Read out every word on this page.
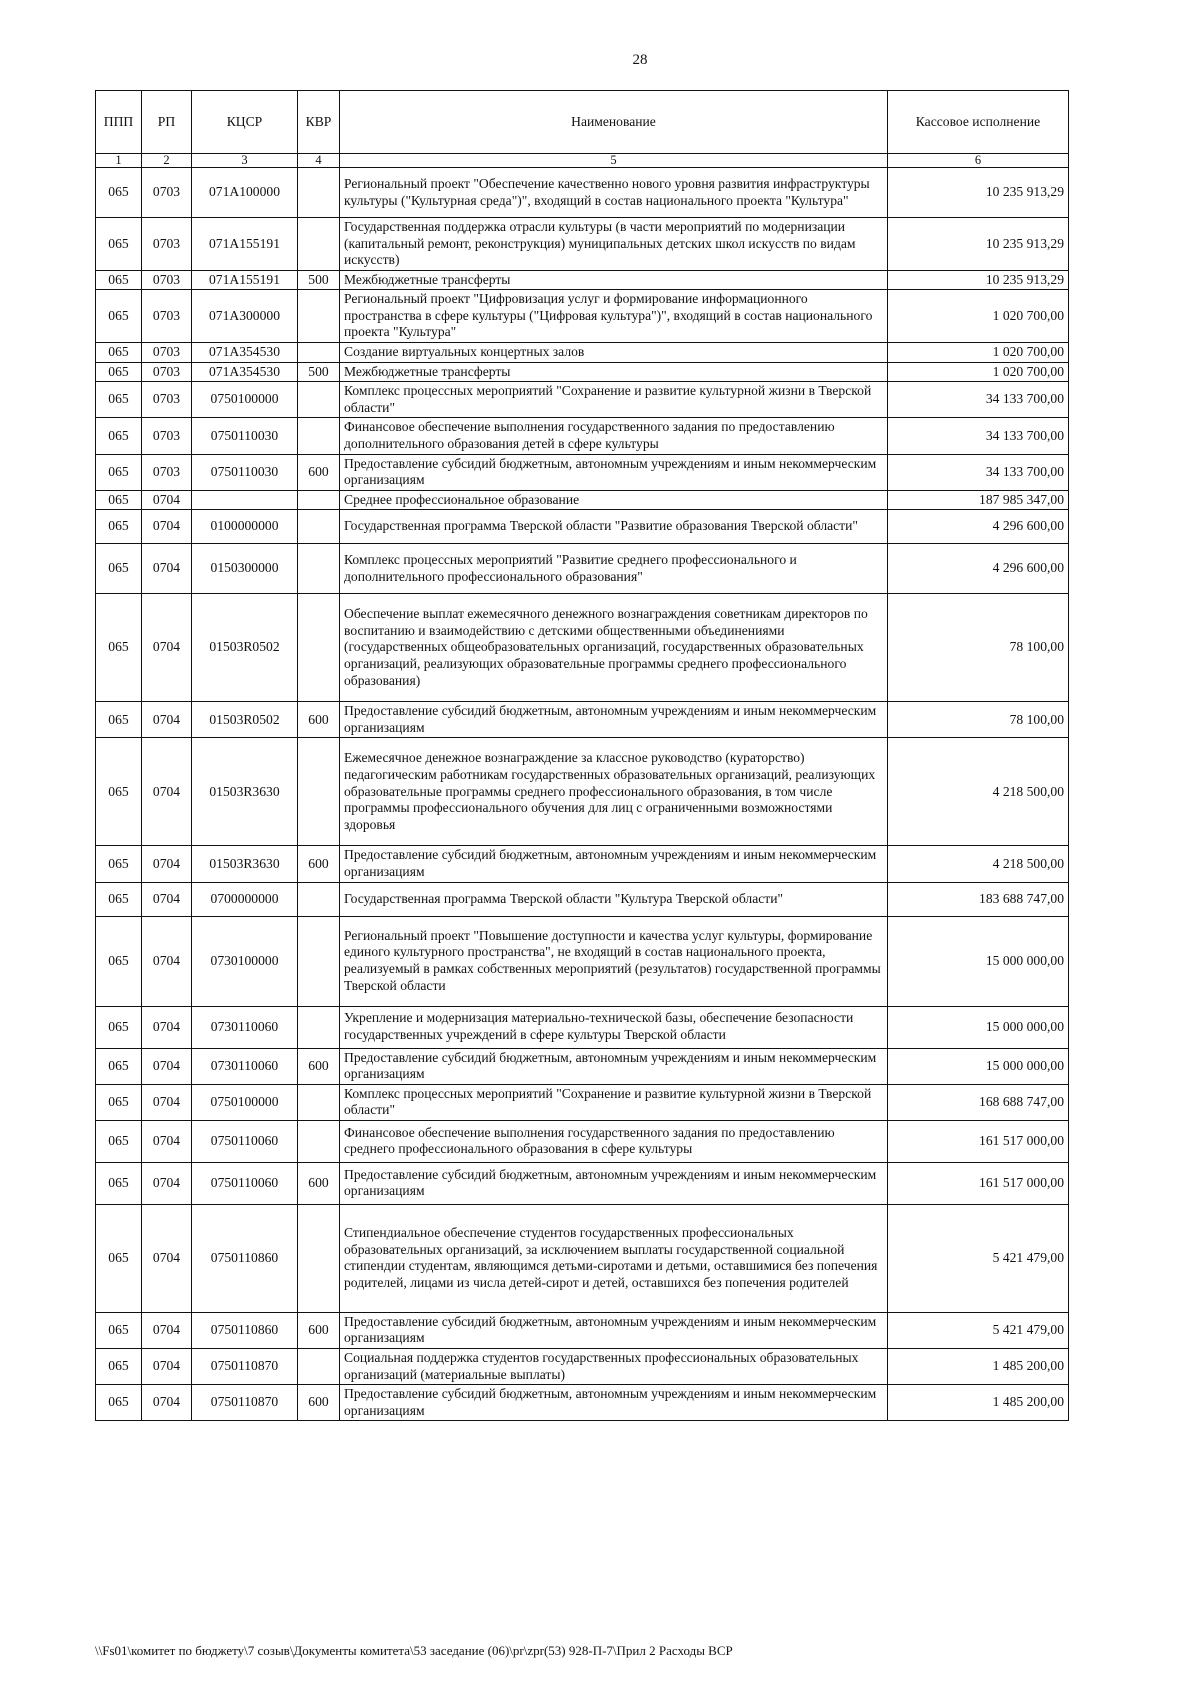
28
ППП	РП	КЦСР	КВР	Наименование	Кассовое исполнение
1	2	3	4	5	6
065	0703	071A100000		Региональный проект "Обеспечение качественно нового уровня развития инфраструктуры культуры ("Культурная среда")", входящий в состав национального проекта "Культура"	10 235 913,29
065	0703	071A155191		Государственная поддержка отрасли культуры (в части мероприятий по модернизации (капитальный ремонт, реконструкция) муниципальных детских школ искусств по видам искусств)	10 235 913,29
065	0703	071A155191	500	Межбюджетные трансферты	10 235 913,29
065	0703	071A300000		Региональный проект "Цифровизация услуг и формирование информационного пространства в сфере культуры ("Цифровая культура")", входящий в состав национального проекта "Культура"	1 020 700,00
065	0703	071A354530		Создание виртуальных концертных залов	1 020 700,00
065	0703	071A354530	500	Межбюджетные трансферты	1 020 700,00
065	0703	0750100000		Комплекс процессных мероприятий "Сохранение и развитие культурной жизни в Тверской области"	34 133 700,00
065	0703	0750110030		Финансовое обеспечение выполнения государственного задания по предоставлению дополнительного образования детей в сфере культуры	34 133 700,00
065	0703	0750110030	600	Предоставление субсидий бюджетным, автономным учреждениям и иным некоммерческим организациям	34 133 700,00
065	0704			Среднее профессиональное образование	187 985 347,00
065	0704	0100000000		Государственная программа Тверской области "Развитие образования Тверской области"	4 296 600,00
065	0704	0150300000		Комплекс процессных мероприятий "Развитие среднего профессионального и дополнительного профессионального образования"	4 296 600,00
065	0704	01503R0502		Обеспечение выплат ежемесячного денежного вознаграждения советникам директоров по воспитанию и взаимодействию с детскими общественными объединениями (государственных общеобразовательных организаций, государственных образовательных организаций, реализующих образовательные программы среднего профессионального образования)	78 100,00
065	0704	01503R0502	600	Предоставление субсидий бюджетным, автономным учреждениям и иным некоммерческим организациям	78 100,00
065	0704	01503R3630		Ежемесячное денежное вознаграждение за классное руководство (кураторство) педагогическим работникам государственных образовательных организаций, реализующих образовательные программы среднего профессионального образования, в том числе программы профессионального обучения для лиц с ограниченными возможностями здоровья	4 218 500,00
065	0704	01503R3630	600	Предоставление субсидий бюджетным, автономным учреждениям и иным некоммерческим организациям	4 218 500,00
065	0704	0700000000		Государственная программа Тверской области "Культура Тверской области"	183 688 747,00
065	0704	0730100000		Региональный проект "Повышение доступности и качества услуг культуры, формирование единого культурного пространства", не входящий в состав национального проекта, реализуемый в рамках собственных мероприятий (результатов) государственной программы Тверской области	15 000 000,00
065	0704	0730110060		Укрепление и модернизация материально-технической базы, обеспечение безопасности государственных учреждений в сфере культуры Тверской области	15 000 000,00
065	0704	0730110060	600	Предоставление субсидий бюджетным, автономным учреждениям и иным некоммерческим организациям	15 000 000,00
065	0704	0750100000		Комплекс процессных мероприятий "Сохранение и развитие культурной жизни в Тверской области"	168 688 747,00
065	0704	0750110060		Финансовое обеспечение выполнения государственного задания по предоставлению среднего профессионального образования в сфере культуры	161 517 000,00
065	0704	0750110060	600	Предоставление субсидий бюджетным, автономным учреждениям и иным некоммерческим организациям	161 517 000,00
065	0704	0750110860		Стипендиальное обеспечение студентов государственных профессиональных образовательных организаций, за исключением выплаты государственной социальной стипендии студентам, являющимся детьми-сиротами и детьми, оставшимися без попечения родителей, лицами из числа детей-сирот и детей, оставшихся без попечения родителей	5 421 479,00
065	0704	0750110860	600	Предоставление субсидий бюджетным, автономным учреждениям и иным некоммерческим организациям	5 421 479,00
065	0704	0750110870		Социальная поддержка студентов государственных профессиональных образовательных организаций (материальные выплаты)	1 485 200,00
065	0704	0750110870	600	Предоставление субсидий бюджетным, автономным учреждениям и иным некоммерческим организациям	1 485 200,00
\\Fs01\комитет по бюджету\7 созыв\Документы комитета\53 заседание (06)\pr\zpr(53) 928-П-7\Прил 2 Расходы ВСР
